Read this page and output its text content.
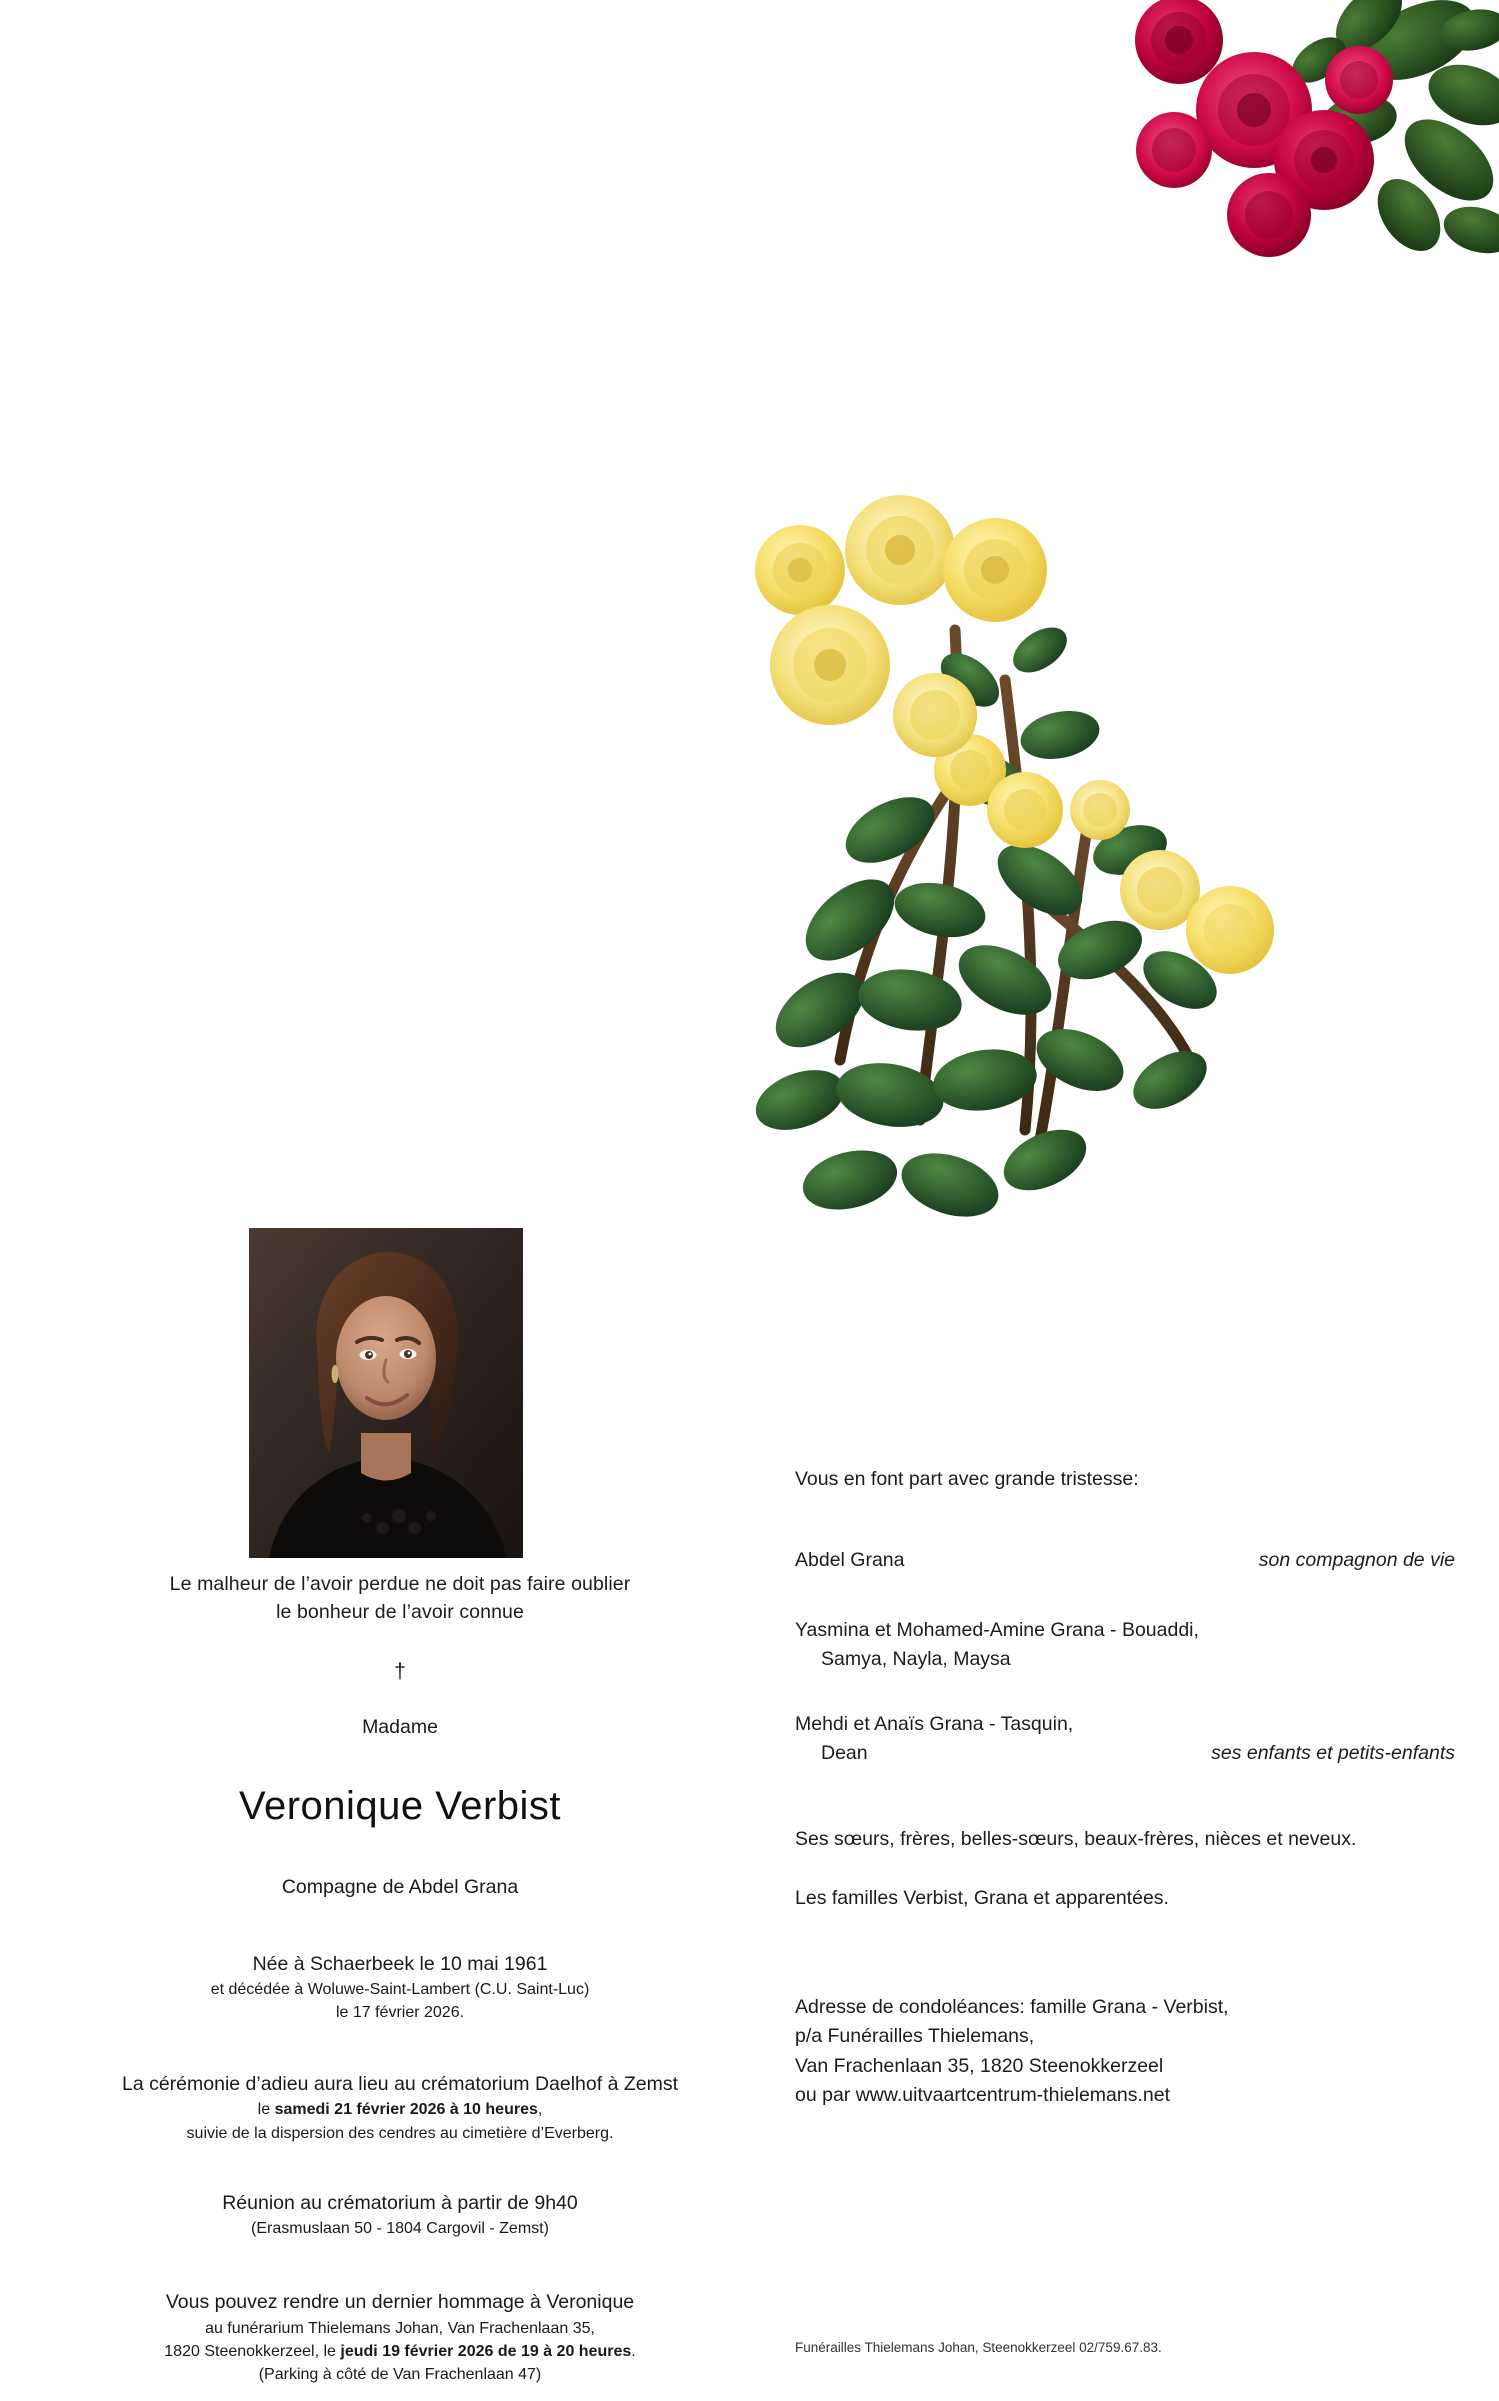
Le malheur de l’avoir perdue ne doit pas faire oublier

le bonheur de l’avoir connue

†

Madame

Veronique Verbist

Compagne de Abdel Grana

Née à Schaerbeek le 10 mai 1961

et décédée à Woluwe-Saint-Lambert (C.U. Saint-Luc)

le 17 février 2026.

La cérémonie d’adieu aura lieu au crématorium Daelhof à Zemst

le samedi 21 février 2026 à 10 heures,

suivie de la dispersion des cendres au cimetière d’Everberg.

Réunion au crématorium à partir de 9h40

(Erasmuslaan 50 - 1804 Cargovil - Zemst)

Vous pouvez rendre un dernier hommage à Veronique

au funérarium Thielemans Johan, Van Frachenlaan 35,

1820 Steenokkerzeel, le jeudi 19 février 2026 de 19 à 20 heures.

(Parking à côté de Van Frachenlaan 47)

Vous en font part avec grande tristesse:

Abdel Grana	son compagnon de vie

Yasmina et Mohamed-Amine Grana - Bouaddi,

Samya, Nayla, Maysa

Mehdi et Anaïs Grana - Tasquin,

Dean	ses enfants et petits-enfants

Ses sœurs, frères, belles-sœurs, beaux-frères, nièces et neveux.

Les familles Verbist, Grana et apparentées.

Adresse de condoléances: famille Grana - Verbist,

p/a Funérailles Thielemans,

Van Frachenlaan 35, 1820 Steenokkerzeel

ou par www.uitvaartcentrum-thielemans.net

Funérailles Thielemans Johan, Steenokkerzeel 02/759.67.83.
